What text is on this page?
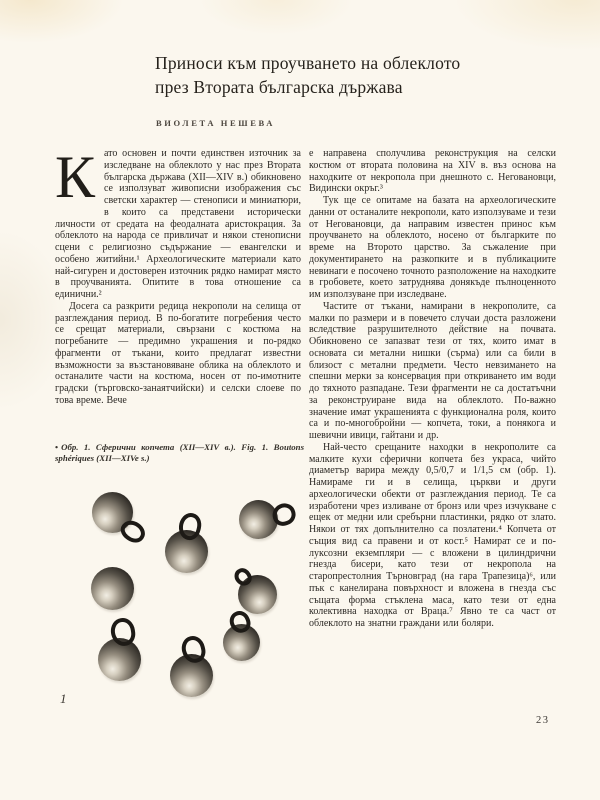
Приноси към проучването на облеклото
през Втората българска държава
ВИОЛЕТА НЕШЕВА

Като основен и почти единствен източник за изследване на облеклото у нас през Втората българска държава (XII—XIV в.) обикновено се използуват живописни изображения със светски характер — стенописи и миниатюри, в които са представени исторически личности от средата на феодалната аристокрация. За облеклото на народа се привличат и някои стенописни сцени с религиозно съдържание — евангелски и особено житийни.¹ Археологическите материали като най-сигурен и достоверен източник рядко намират място в проучванията. Опитите в това отношение са единични.²

Досега са разкрити редица некрополи на селища от разглеждания период. В по-богатите погребения често се срещат материали, свързани с костюма на погребаните — предимно украшения и по-рядко фрагменти от тъкани, които предлагат известни възможности за възстановяване облика на облеклото и останалите части на костюма, носен от по-имотните градски (търговско-занаятчийски) и селски слоеве по това време. Вече

• Обр. 1. Сферични копчета (XII—XIV в.). Fig. 1. Boutons sphériques (XII—XIVe s.)
1

е направена сполучлива реконструкция на селски костюм от втората половина на XIV в. въз основа на находките от некропола при днешното с. Неговановци, Видински окръг.³

Тук ще се опитаме на базата на археологическите данни от останалите некрополи, като използуваме и тези от Неговановци, да направим известен принос към проучването на облеклото, носено от българките по време на Второто царство. За съжаление при документирането на разкопките и в публикациите невинаги е посочено точното разположение на находките в гробовете, което затруднява донякъде пълноценното им използуване при изследване.

Частите от тъкани, намирани в некрополите, са малки по размери и в повечето случаи доста разложени вследствие разрушителното действие на почвата. Обикновено се запазват тези от тях, които имат в основата си метални нишки (сърма) или са били в близост с метални предмети. Често невзимането на спешни мерки за консервация при откриването им води до тяхното разпадане. Тези фрагменти не са достатъчни за реконструиране вида на облеклото. По-важно значение имат украшенията с функционална роля, които са и по-многобройни — копчета, токи, а понякога и шевични ивици, гайтани и др.

Най-често срещаните находки в некрополите са малките кухи сферични копчета без украса, чийто диаметър варира между 0,5/0,7 и 1/1,5 см (обр. 1). Намираме ги и в селища, църкви и други археологически обекти от разглеждания период. Те са изработени чрез изливане от бронз или чрез изчукване с ещек от медни или сребърни пластинки, рядко от злато. Някои от тях допълнително са позлатени.⁴ Копчета от същия вид са правени и от кост.⁵ Намират се и по-луксозни екземпляри — с вложени в цилиндрични гнезда бисери, като тези от некропола на старопрестолния Търновград (на гара Трапезица)⁶, или пък с канелирана повърхност и вложена в гнезда със същата форма стъклена маса, като тези от една колективна находка от Враца.⁷ Явно те са част от облеклото на знатни граждани или боляри.

23
